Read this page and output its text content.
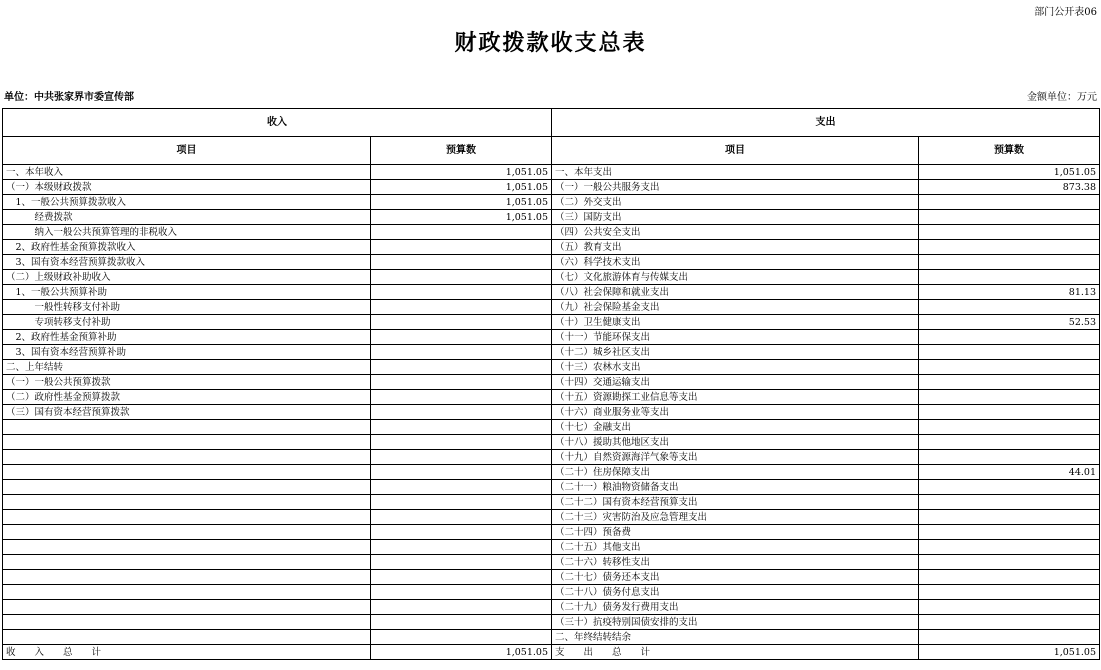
部门公开表06
财政拨款收支总表
单位：中共张家界市委宣传部	金额单位：万元
收入		支出	
项目	预算数	项目	预算数
一、本年收入	1,051.05	一、本年支出	1,051.05
（一）本级财政拨款	1,051.05	（一）一般公共服务支出	873.38
　1、一般公共预算拨款收入	1,051.05	（二）外交支出	
　　　经费拨款	1,051.05	（三）国防支出	
　　　纳入一般公共预算管理的非税收入		（四）公共安全支出	
　2、政府性基金预算拨款收入		（五）教育支出	
　3、国有资本经营预算拨款收入		（六）科学技术支出	
（二）上级财政补助收入		（七）文化旅游体育与传媒支出	
　1、一般公共预算补助		（八）社会保障和就业支出	81.13
　　　一般性转移支付补助		（九）社会保险基金支出	
　　　专项转移支付补助		（十）卫生健康支出	52.53
　2、政府性基金预算补助		（十一）节能环保支出	
　3、国有资本经营预算补助		（十二）城乡社区支出	
二、上年结转		（十三）农林水支出	
（一）一般公共预算拨款		（十四）交通运输支出	
（二）政府性基金预算拨款		（十五）资源勘探工业信息等支出	
（三）国有资本经营预算拨款		（十六）商业服务业等支出	
		（十七）金融支出	
		（十八）援助其他地区支出	
		（十九）自然资源海洋气象等支出	
		（二十）住房保障支出	44.01
		（二十一）粮油物资储备支出	
		（二十二）国有资本经营预算支出	
		（二十三）灾害防治及应急管理支出	
		（二十四）预备费	
		（二十五）其他支出	
		（二十六）转移性支出	
		（二十七）债务还本支出	
		（二十八）债务付息支出	
		（二十九）债务发行费用支出	
		（三十）抗疫特别国债安排的支出	
		二、年终结转结余	
收　　入　　总　　计	1,051.05	支　　出　　总　　计	1,051.05
